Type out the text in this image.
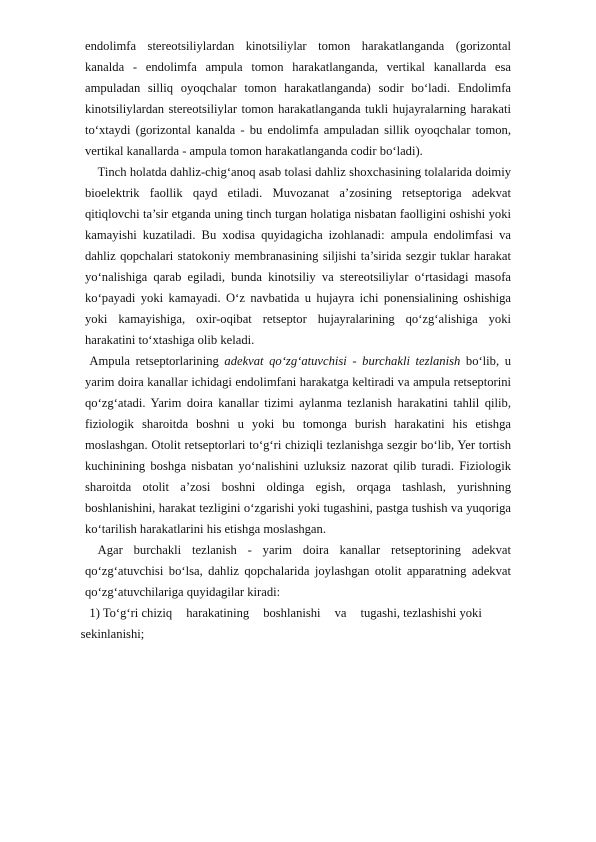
endolimfa stereotsiliylardan kinotsiliylar tomon harakatlanganda (gorizontal kanalda - endolimfa ampula tomon harakatlanganda, vertikal kanallarda esa ampuladan silliq oyoqchalar tomon harakatlanganda) sodir bo‘ladi. Endolimfa kinotsiliylardan stereotsiliylar tomon harakatlanganda tukli hujayralarning harakati to‘xtaydi (gorizontal kanalda - bu endolimfa ampuladan sillik oyoqchalar tomon, vertikal kanallarda - ampula tomon harakatlanganda codir bo‘ladi).

Tinch holatda dahliz-chig‘anoq asab tolasi dahliz shoxchasining tolalarida doimiy bioelektrik faollik qayd etiladi. Muvozanat a’zosining retseptoriga adekvat qitiqlovchi ta’sir etganda uning tinch turgan holatiga nisbatan faolligini oshishi yoki kamayishi kuzatiladi. Bu xodisa quyidagicha izohlanadi: ampula endolimfasi va dahliz qopchalari statokoniy membranasining siljishi ta’sirida sezgir tuklar harakat yo‘nalishiga qarab egiladi, bunda kinotsiliy va stereotsiliylar o‘rtasidagi masofa ko‘payadi yoki kamayadi. O‘z navbatida u hujayra ichi ponensialining oshishiga yoki kamayishiga, oxir-oqibat retseptor hujayralarining qo‘zg‘alishiga yoki harakatini to‘xtashiga olib keladi.

Ampula retseptorlarining adekvat qo‘zg‘atuvchisi - burchakli tezlanish bo‘lib, u yarim doira kanallar ichidagi endolimfani harakatga keltiradi va ampula retseptorini qo‘zg‘atadi. Yarim doira kanallar tizimi aylanma tezlanish harakatini tahlil qilib, fiziologik sharoitda boshni u yoki bu tomonga burish harakatini his etishga moslashgan. Otolit retseptorlari to‘g‘ri chiziqli tezlanishga sezgir bo‘lib, Yer tortish kuchinining boshga nisbatan yo‘nalishini uzluksiz nazorat qilib turadi. Fiziologik sharoitda otolit a’zosi boshni oldinga egish, orqaga tashlash, yurishning boshlanishini, harakat tezligini o‘zgarishi yoki tugashini, pastga tushish va yuqoriga ko‘tarilish harakatlarini his etishga moslashgan.

Agar burchakli tezlanish - yarim doira kanallar retseptorining adekvat qo‘zg‘atuvchisi bo‘lsa, dahliz qopchalarida joylashgan otolit apparatning adekvat qo‘zg‘atuvchilariga quyidagilar kiradi:

1) To‘g‘ri chiziq harakatining boshlanishi va tugashi, tezlashishi yoki
sekinlanishi;
